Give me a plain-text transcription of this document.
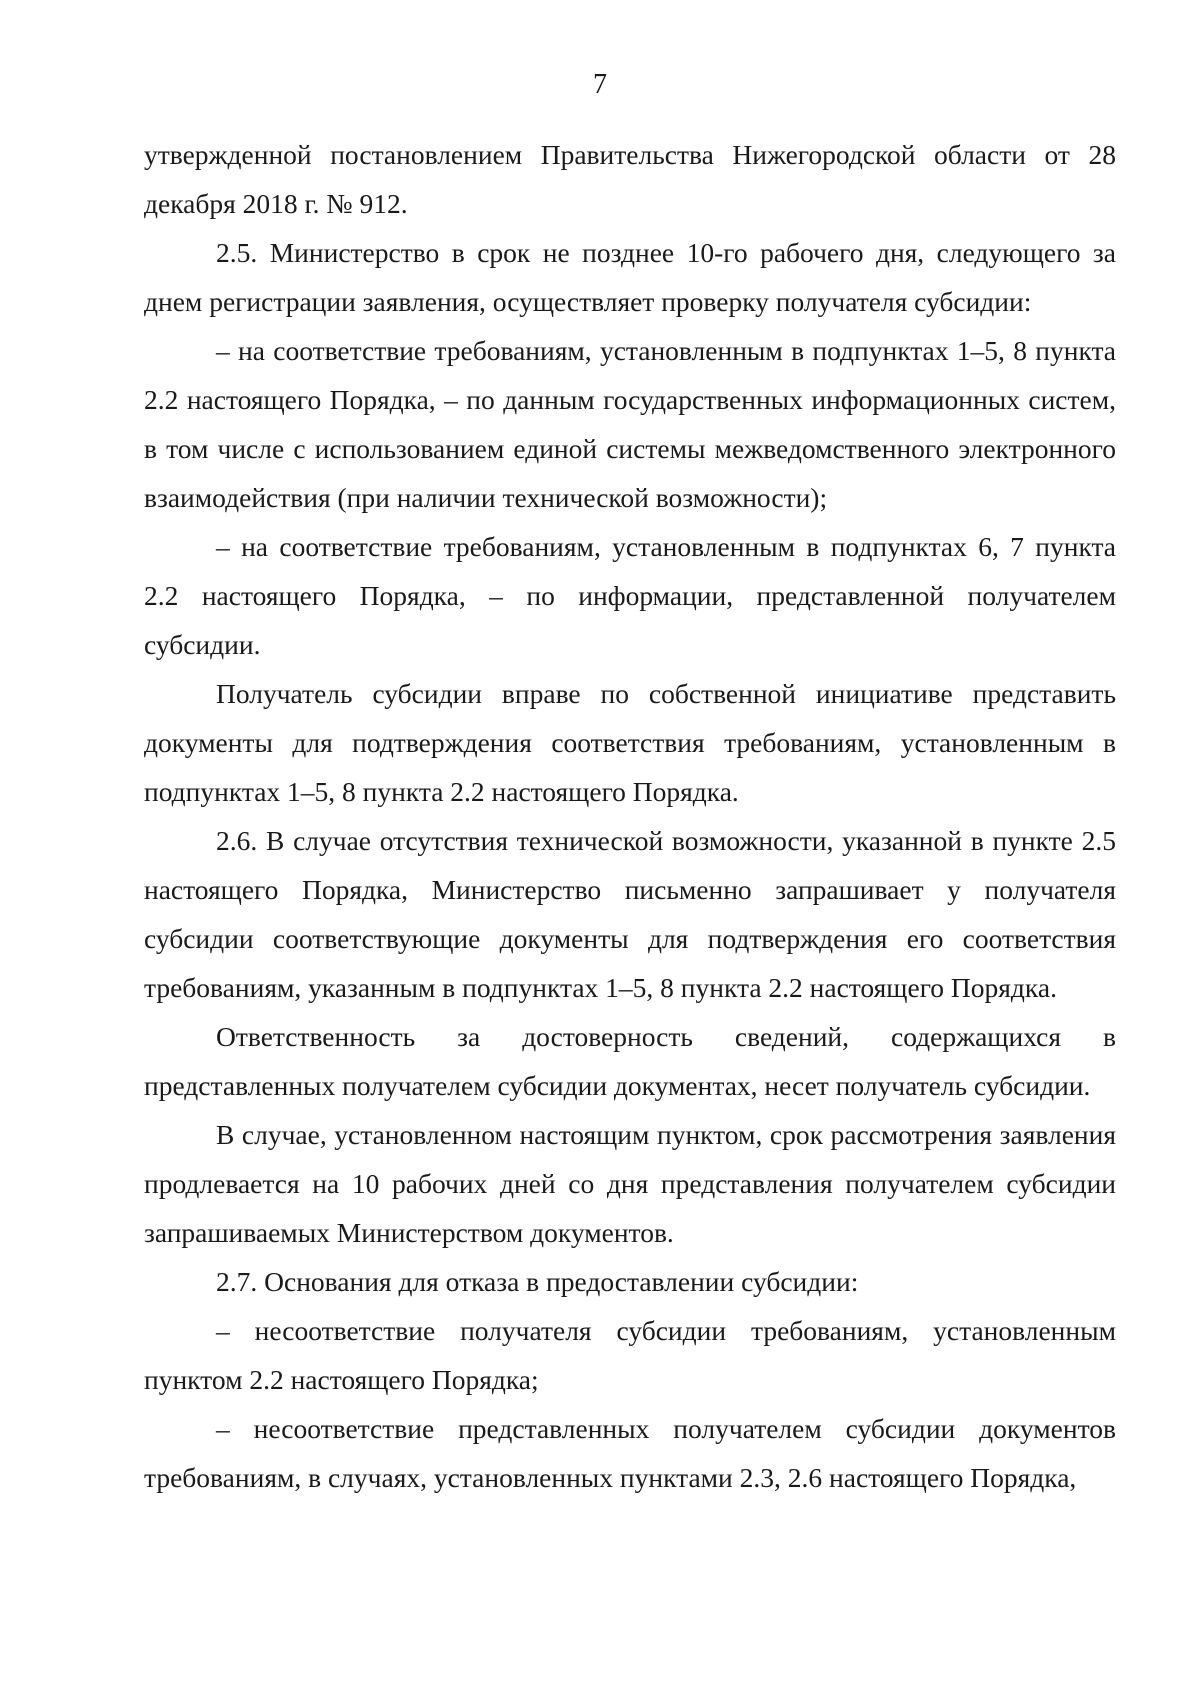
7

утвержденной постановлением Правительства Нижегородской области от 28 декабря 2018 г. № 912.

2.5. Министерство в срок не позднее 10-го рабочего дня, следующего за днем регистрации заявления, осуществляет проверку получателя субсидии:

– на соответствие требованиям, установленным в подпунктах 1–5, 8 пункта 2.2 настоящего Порядка, – по данным государственных информационных систем, в том числе с использованием единой системы межведомственного электронного взаимодействия (при наличии технической возможности);

– на соответствие требованиям, установленным в подпунктах 6, 7 пункта 2.2 настоящего Порядка, – по информации, представленной получателем субсидии.

Получатель субсидии вправе по собственной инициативе представить документы для подтверждения соответствия требованиям, установленным в подпунктах 1–5, 8 пункта 2.2 настоящего Порядка.

2.6. В случае отсутствия технической возможности, указанной в пункте 2.5 настоящего Порядка, Министерство письменно запрашивает у получателя субсидии соответствующие документы для подтверждения его соответствия требованиям, указанным в подпунктах 1–5, 8 пункта 2.2 настоящего Порядка.

Ответственность за достоверность сведений, содержащихся в представленных получателем субсидии документах, несет получатель субсидии.

В случае, установленном настоящим пунктом, срок рассмотрения заявления продлевается на 10 рабочих дней со дня представления получателем субсидии запрашиваемых Министерством документов.

2.7. Основания для отказа в предоставлении субсидии:

– несоответствие получателя субсидии требованиям, установленным пунктом 2.2 настоящего Порядка;

– несоответствие представленных получателем субсидии документов требованиям, в случаях, установленных пунктами 2.3, 2.6 настоящего Порядка,
